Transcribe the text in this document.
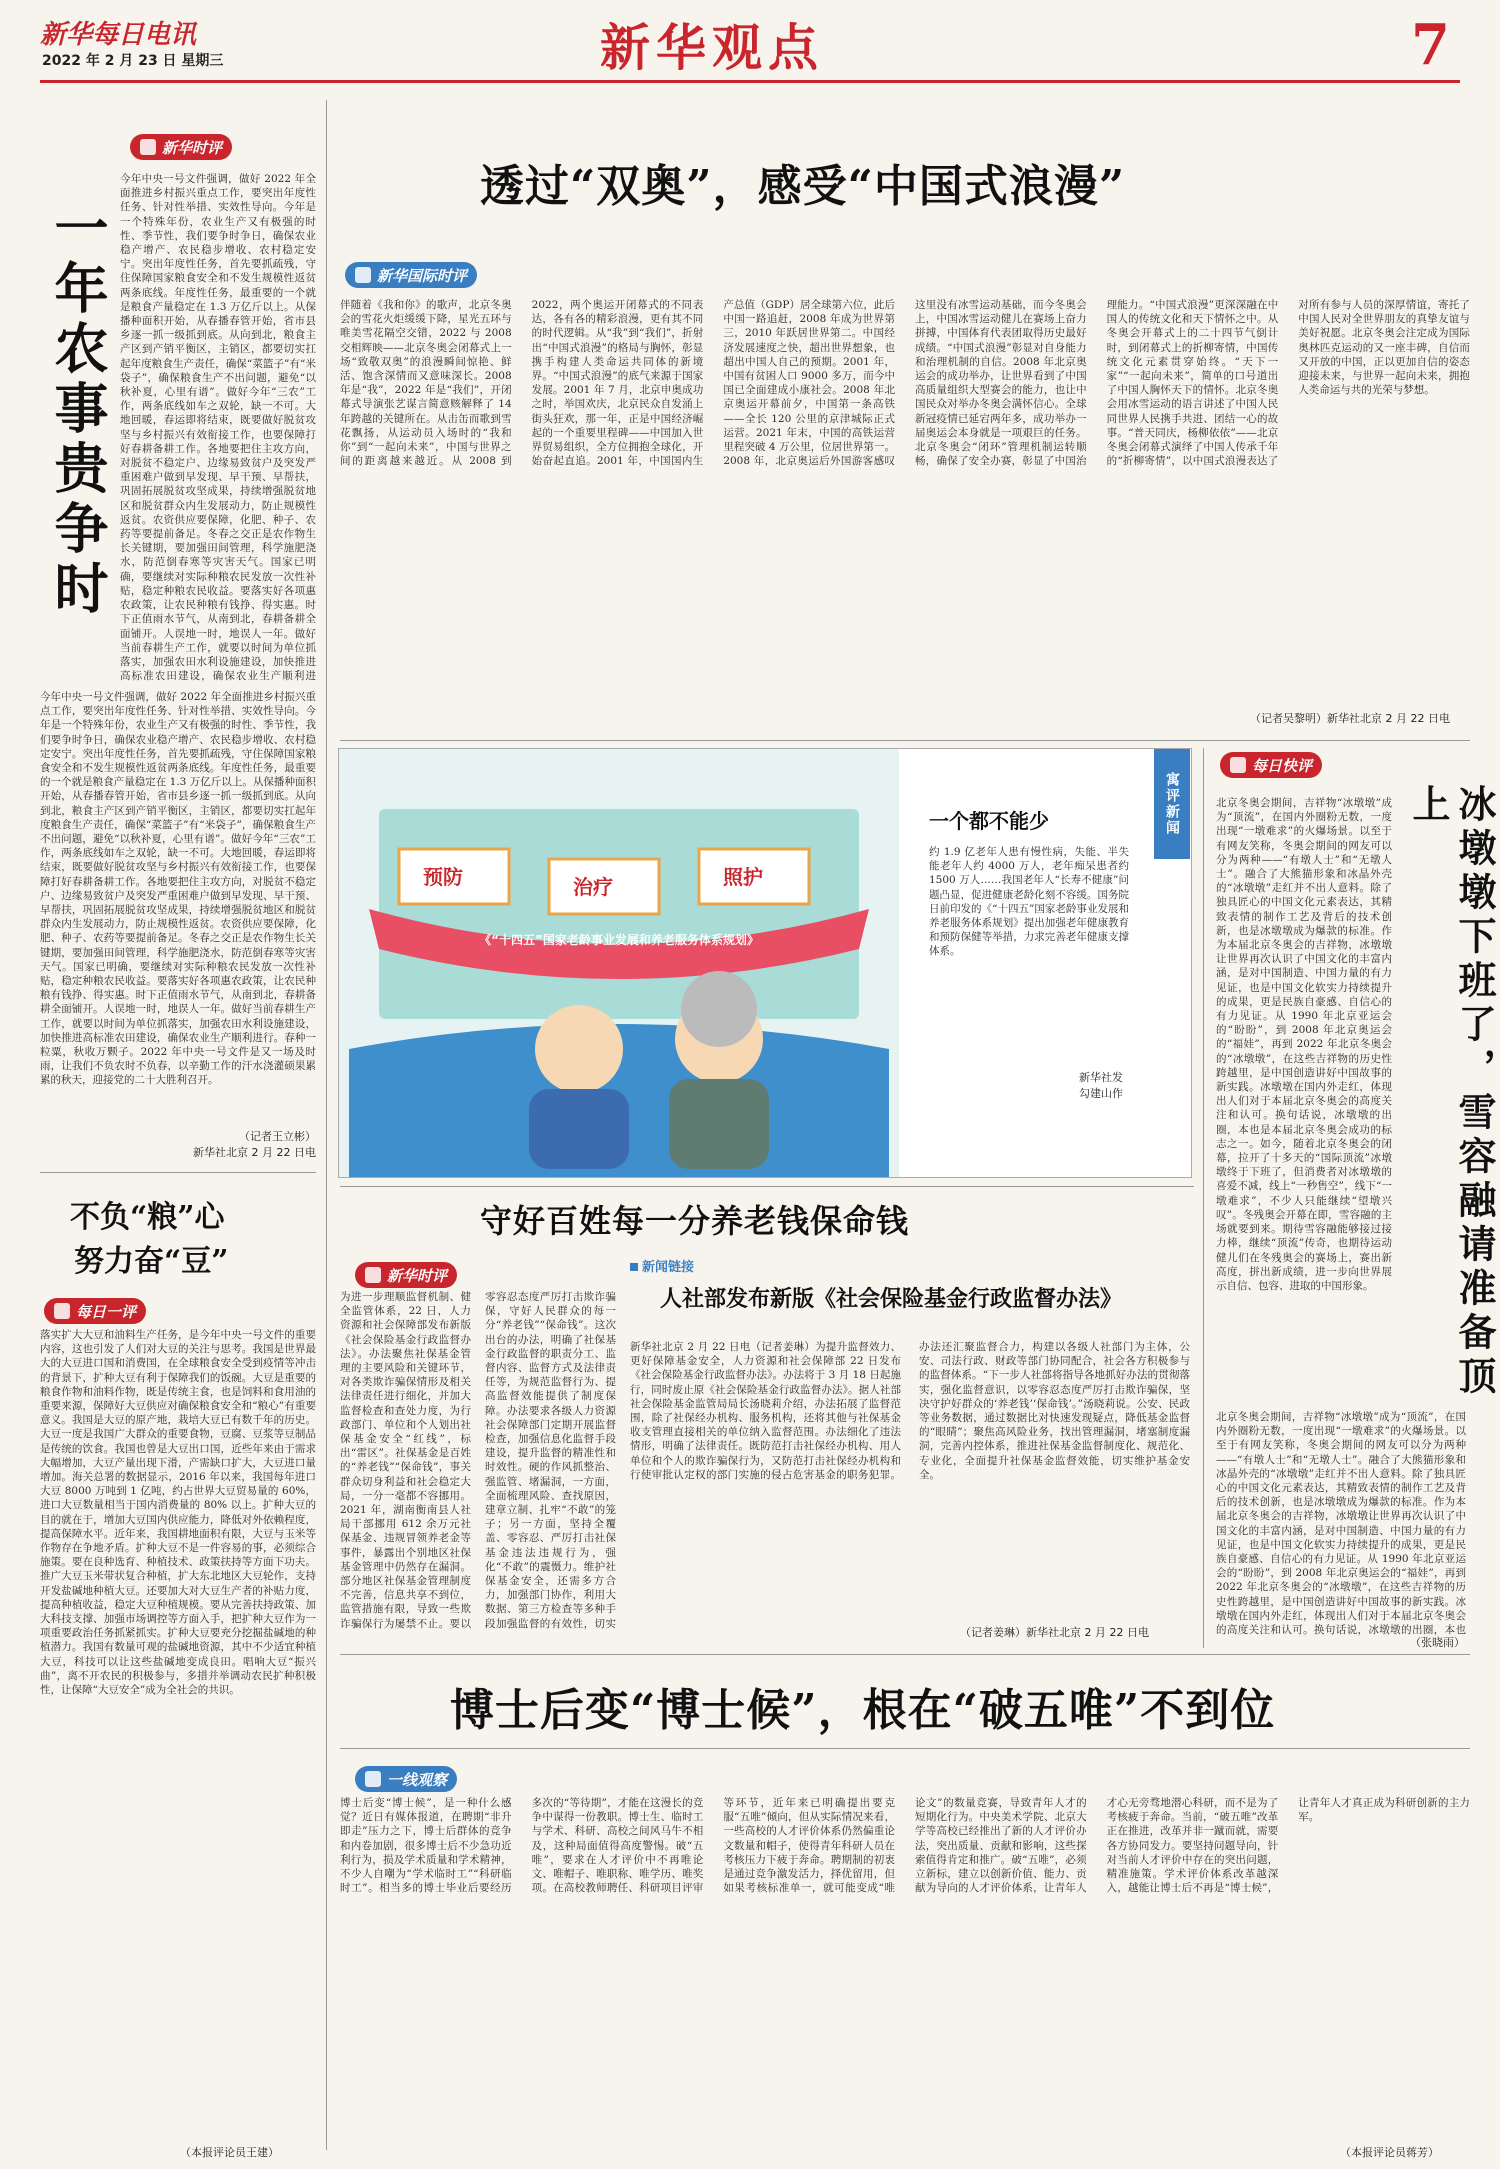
新华每日电讯
2022 年 2 月 23 日 星期三	新华观点	7
新华时评
一年农事贵争时
今年中央一号文件强调，做好 2022 年全面推进乡村振兴重点工作，要突出年度性任务、针对性举措、实效性导向。今年是一个特殊年份，农业生产又有极强的时性、季节性，我们要争时争日，确保农业稳产增产、农民稳步增收、农村稳定安宁。突出年度性任务，首先要抓疏残，守住保障国家粮食安全和不发生规模性返贫两条底线。年度性任务，最重要的一个就是粮食产量稳定在 1.3 万亿斤以上。从保播种面积开始，从春播春管开始，省市县乡逐一抓一级抓到底。从向到北，粮食主产区到产销平衡区，主销区，都要切实扛起年度粮食生产责任，确保“菜篮子”有“米袋子”，确保粮食生产不出问题，避免“以秋补夏，心里有谱”。做好今年“三农”工作，两条底线如车之双轮，缺一不可。大地回暖，春运即将结束，既要做好脱贫攻坚与乡村振兴有效衔接工作，也要保障打好春耕备耕工作。各地要把住主攻方向，对脱贫不稳定户、边缘易致贫户及突发严重困难户做到早发现、早干预、早帮扶，巩固拓展脱贫攻坚成果，持续增强脱贫地区和脱贫群众内生发展动力，防止规模性返贫。农资供应要保障，化肥、种子、农药等要提前备足。冬春之交正是农作物生长关键期，要加强田间管理，科学施肥浇水，防范倒春寒等灾害天气。国家已明确，要继续对实际种粮农民发放一次性补贴，稳定种粮农民收益。要落实好各项惠农政策，让农民种粮有钱挣、得实惠。时下正值雨水节气，从南到北，春耕备耕全面铺开。人误地一时，地误人一年。做好当前春耕生产工作，就要以时间为单位抓落实，加强农田水利设施建设，加快推进高标准农田建设，确保农业生产顺利进
今年中央一号文件强调，做好 2022 年全面推进乡村振兴重点工作，要突出年度性任务、针对性举措、实效性导向。今年是一个特殊年份，农业生产又有极强的时性、季节性，我们要争时争日，确保农业稳产增产、农民稳步增收、农村稳定安宁。突出年度性任务，首先要抓疏残，守住保障国家粮食安全和不发生规模性返贫两条底线。年度性任务，最重要的一个就是粮食产量稳定在 1.3 万亿斤以上。从保播种面积开始，从春播春管开始，省市县乡逐一抓一级抓到底。从向到北，粮食主产区到产销平衡区，主销区，都要切实扛起年度粮食生产责任，确保“菜篮子”有“米袋子”，确保粮食生产不出问题，避免“以秋补夏，心里有谱”。做好今年“三农”工作，两条底线如车之双轮，缺一不可。大地回暖，春运即将结束，既要做好脱贫攻坚与乡村振兴有效衔接工作，也要保障打好春耕备耕工作。各地要把住主攻方向，对脱贫不稳定户、边缘易致贫户及突发严重困难户做到早发现、早干预、早帮扶，巩固拓展脱贫攻坚成果，持续增强脱贫地区和脱贫群众内生发展动力，防止规模性返贫。农资供应要保障，化肥、种子、农药等要提前备足。冬春之交正是农作物生长关键期，要加强田间管理，科学施肥浇水，防范倒春寒等灾害天气。国家已明确，要继续对实际种粮农民发放一次性补贴，稳定种粮农民收益。要落实好各项惠农政策，让农民种粮有钱挣、得实惠。时下正值雨水节气，从南到北，春耕备耕全面铺开。人误地一时，地误人一年。做好当前春耕生产工作，就要以时间为单位抓落实，加强农田水利设施建设，加快推进高标准农田建设，确保农业生产顺利进行。春种一粒粟，秋收万颗子。2022 年中央一号文件是又一场及时雨，让我们不负农时不负春，以辛勤工作的汗水浇灌硕果累累的秋天，迎接党的二十大胜利召开。
（记者王立彬）
新华社北京 2 月 22 日电
不负“粮”心
努力奋“豆”
每日一评
落实扩大大豆和油料生产任务，是今年中央一号文件的重要内容，这也引发了人们对大豆的关注与思考。我国是世界最大的大豆进口国和消费国，在全球粮食安全受到疫情等冲击的背景下，扩种大豆有利于保障我们的饭碗。大豆是重要的粮食作物和油料作物，既是传统主食，也是饲料和食用油的重要来源，保障好大豆供应对确保粮食安全和“粮心”有重要意义。我国是大豆的原产地，栽培大豆已有数千年的历史。大豆一度是我国广大群众的重要食物，豆腐、豆浆等豆制品是传统的饮食。我国也曾是大豆出口国，近些年来由于需求大幅增加，大豆产量出现下滑，产需缺口扩大，大豆进口量增加。海关总署的数据显示，2016 年以来，我国每年进口大豆 8000 万吨到 1 亿吨，约占世界大豆贸易量的 60%，进口大豆数量相当于国内消费量的 80% 以上。扩种大豆的目的就在于，增加大豆国内供应能力，降低对外依赖程度，提高保障水平。近年来，我国耕地面积有限，大豆与玉米等作物存在争地矛盾。扩种大豆不是一件容易的事，必须综合施策。要在良种选育、种植技术、政策扶持等方面下功夫。推广大豆玉米带状复合种植，扩大东北地区大豆轮作，支持开发盐碱地种植大豆。还要加大对大豆生产者的补贴力度，提高种植收益，稳定大豆种植规模。要从完善扶持政策、加大科技支撑、加强市场调控等方面入手，把扩种大豆作为一项重要政治任务抓紧抓实。扩种大豆要充分挖掘盐碱地的种植潜力。我国有数量可观的盐碱地资源，其中不少适宜种植大豆，科技可以让这些盐碱地变成良田。唱响大豆“振兴曲”，离不开农民的积极参与，多措并举调动农民扩种积极性，让保障“大豆安全”成为全社会的共识。
（本报评论员王建）
透过“双奥”，感受“中国式浪漫”
新华国际时评
伴随着《我和你》的歌声，北京冬奥会的雪花火炬缓缓下降，星光五环与唯美雪花隔空交错，2022 与 2008 交相辉映——北京冬奥会闭幕式上一场“致敬双奥”的浪漫瞬间惊艳、鲜活、饱含深情而又意味深长。2008 年是“我”，2022 年是“我们”，开闭幕式导演张艺谋言简意赅解释了 14 年跨越的关键所在。从击缶而歌到雪花飘扬，从运动员入场时的“我和你”到“一起向未来”，中国与世界之间的距离越来越近。从 2008 到 2022，两个奥运开闭幕式的不同表达，各有各的精彩浪漫，更有其不同的时代逻辑。从“我”到“我们”，折射出“中国式浪漫”的格局与胸怀，彰显携手构建人类命运共同体的新境界。“中国式浪漫”的底气来源于国家发展。2001 年 7 月，北京申奥成功之时，举国欢庆，北京民众自发涌上街头狂欢，那一年，正是中国经济崛起的一个重要里程碑——中国加入世界贸易组织，全方位拥抱全球化，开始奋起直追。2001 年，中国国内生产总值（GDP）居全球第六位，此后中国一路追赶，2008 年成为世界第三，2010 年跃居世界第二。中国经济发展速度之快，超出世界想象，也超出中国人自己的预期。2001 年，中国有贫困人口 9000 多万，而今中国已全面建成小康社会。2008 年北京奥运开幕前夕，中国第一条高铁——全长 120 公里的京津城际正式运营。2021 年末，中国的高铁运营里程突破 4 万公里，位居世界第一。2008 年，北京奥运后外国游客感叹这里没有冰雪运动基础，而今冬奥会上，中国冰雪运动健儿在赛场上奋力拼搏，中国体育代表团取得历史最好成绩。“中国式浪漫”彰显对自身能力和治理机制的自信。2008 年北京奥运会的成功举办，让世界看到了中国高质量组织大型赛会的能力，也让中国民众对举办冬奥会满怀信心。全球新冠疫情已延宕两年多，成功举办一届奥运会本身就是一项艰巨的任务。北京冬奥会“闭环”管理机制运转顺畅，确保了安全办赛，彰显了中国治理能力。“中国式浪漫”更深深融在中国人的传统文化和天下情怀之中。从冬奥会开幕式上的二十四节气倒计时，到闭幕式上的折柳寄情，中国传统文化元素贯穿始终。“天下一家”“一起向未来”，简单的口号道出了中国人胸怀天下的情怀。北京冬奥会用冰雪运动的语言讲述了中国人民同世界人民携手共进、团结一心的故事。“普天同庆，杨柳依依”——北京冬奥会闭幕式演绎了中国人传承千年的“折柳寄情”，以中国式浪漫表达了对所有参与人员的深厚情谊，寄托了中国人民对全世界朋友的真挚友谊与美好祝愿。北京冬奥会注定成为国际奥林匹克运动的又一座丰碑，自信而又开放的中国，正以更加自信的姿态迎接未来，与世界一起向未来，拥抱人类命运与共的光荣与梦想。
（记者吴黎明）新华社北京 2 月 22 日电
预防	治疗	照护
《“十四五”国家老龄事业发展和养老服务体系规划》
寓评新闻
一个都不能少
约 1.9 亿老年人患有慢性病，失能、半失能老年人约 4000 万人，老年痴呆患者约 1500 万人……我国老年人“长寿不健康”问题凸显，促进健康老龄化刻不容缓。国务院日前印发的《“十四五”国家老龄事业发展和养老服务体系规划》提出加强老年健康教育和预防保健等举措，力求完善老年健康支撑体系。
新华社发
勾建山作
每日快评
冰墩墩下班了，雪容融请准备顶上
北京冬奥会期间，吉祥物“冰墩墩”成为“顶流”，在国内外圈粉无数，一度出现“一墩难求”的火爆场景。以至于有网友笑称，冬奥会期间的网友可以分为两种——“有墩人士”和“无墩人士”。融合了大熊猫形象和冰晶外壳的“冰墩墩”走红并不出人意料。除了独具匠心的中国文化元素表达，其精致表情的制作工艺及背后的技术创新，也是冰墩墩成为爆款的标准。作为本届北京冬奥会的吉祥物，冰墩墩让世界再次认识了中国文化的丰富内涵，是对中国制造、中国力量的有力见证，也是中国文化软实力持续提升的成果，更是民族自豪感、自信心的有力见证。从 1990 年北京亚运会的“盼盼”，到 2008 年北京奥运会的“福娃”，再到 2022 年北京冬奥会的“冰墩墩”，在这些吉祥物的历史性跨越里，是中国创造讲好中国故事的新实践。冰墩墩在国内外走红，体现出人们对于本届北京冬奥会的高度关注和认可。换句话说，冰墩墩的出圈，本也是本届北京冬奥会成功的标志之一。如今，随着北京冬奥会的闭幕，拉开了十多天的“国际顶流”冰墩墩终于下班了，但消费者对冰墩墩的喜爱不减，线上“一秒售空”，线下“一墩难求”，不少人只能继续“望墩兴叹”。冬残奥会开幕在即，雪容融的主场就要到来。期待雪容融能够接过接力棒，继续“顶流”传奇，也期待运动健儿们在冬残奥会的赛场上，赛出新高度，拼出新成绩，进一步向世界展示自信、包容、进取的中国形象。
北京冬奥会期间，吉祥物“冰墩墩”成为“顶流”，在国内外圈粉无数，一度出现“一墩难求”的火爆场景。以至于有网友笑称，冬奥会期间的网友可以分为两种——“有墩人士”和“无墩人士”。融合了大熊猫形象和冰晶外壳的“冰墩墩”走红并不出人意料。除了独具匠心的中国文化元素表达，其精致表情的制作工艺及背后的技术创新，也是冰墩墩成为爆款的标准。作为本届北京冬奥会的吉祥物，冰墩墩让世界再次认识了中国文化的丰富内涵，是对中国制造、中国力量的有力见证，也是中国文化软实力持续提升的成果，更是民族自豪感、自信心的有力见证。从 1990 年北京亚运会的“盼盼”，到 2008 年北京奥运会的“福娃”，再到 2022 年北京冬奥会的“冰墩墩”，在这些吉祥物的历史性跨越里，是中国创造讲好中国故事的新实践。冰墩墩在国内外走红，体现出人们对于本届北京冬奥会的高度关注和认可。换句话说，冰墩墩的出圈，本也
（张晓雨）
守好百姓每一分养老钱保命钱
新华时评
为进一步理顺监督机制、健全监管体系，22 日，人力资源和社会保障部发布新版《社会保险基金行政监督办法》。办法聚焦社保基金管理的主要风险和关键环节，对各类欺诈骗保情形及相关法律责任进行细化，并加大监督检查和查处力度，为行政部门、单位和个人划出社保基金安全“红线”，标出“雷区”。社保基金是百姓的“养老钱”“保命钱”，事关群众切身利益和社会稳定大局，一分一毫都不容挪用。2021 年，湖南衡南县人社局干部挪用 612 余万元社保基金、违规冒领养老金等事件，暴露出个别地区社保基金管理中仍然存在漏洞。部分地区社保基金管理制度不完善，信息共享不到位，监管措施有限，导致一些欺诈骗保行为屡禁不止。要以零容忍态度严厉打击欺诈骗保，守好人民群众的每一分“养老钱”“保命钱”。这次出台的办法，明确了社保基金行政监督的职责分工、监督内容、监督方式及法律责任等，为规范监督行为、提高监督效能提供了制度保障。办法要求各级人力资源社会保障部门定期开展监督检查，加强信息化监督手段建设，提升监督的精准性和时效性。硬的作风抓整治、强监管、堵漏洞，一方面，全面梳理风险、查找原因，建章立制、扎牢“不敢”的笼子；另一方面，坚持全覆盖、零容忍、严厉打击社保基金违法违规行为，强化“不敢”的震慑力。维护社保基金安全，还需多方合力，加强部门协作，利用大数据、第三方检查等多种手段加强监督的有效性，切实
新闻链接
人社部发布新版《社会保险基金行政监督办法》
新华社北京 2 月 22 日电（记者姜琳）为提升监督效力、更好保障基金安全，人力资源和社会保障部 22 日发布《社会保险基金行政监督办法》。办法将于 3 月 18 日起施行，同时废止原《社会保险基金行政监督办法》。据人社部社会保险基金监管局局长汤晓莉介绍，办法拓展了监督范围，除了社保经办机构、服务机构，还将其他与社保基金收支管理直接相关的单位纳入监督范围。办法细化了违法情形，明确了法律责任。既防范打击社保经办机构、用人单位和个人的欺诈骗保行为，又防范打击社保经办机构和行使审批认定权的部门实施的侵占危害基金的职务犯罪。办法还汇聚监督合力，构建以各级人社部门为主体，公安、司法行政、财政等部门协同配合，社会各方积极参与的监督体系。“下一步人社部将指导各地抓好办法的贯彻落实，强化监督意识，以零容忍态度严厉打击欺诈骗保，坚决守护好群众的‘养老钱’‘保命钱’。”汤晓莉说。公安、民政等业务数据，通过数据比对快速发现疑点，降低基金监督的“眼睛”；聚焦高风险业务，找出管理漏洞，堵塞制度漏洞，完善内控体系，推进社保基金监督制度化、规范化、专业化，全面提升社保基金监督效能，切实维护基金安全。
（记者姜琳）新华社北京 2 月 22 日电
博士后变“博士候”，根在“破五唯”不到位
一线观察
博士后变“博士候”，是一种什么感觉？近日有媒体报道，在聘期“非升即走”压力之下，博士后群体的竞争和内卷加剧，很多博士后不少急功近利行为，损及学术质量和学术精神，不少人自嘲为“学术临时工”“科研临时工”。相当多的博士毕业后要经历多次的“等待期”，才能在这漫长的竞争中谋得一份教职。博士生、临时工与学术、科研、高校之间风马牛不相及，这种局面值得高度警惕。破“五唯”，要求在人才评价中不再唯论文、唯帽子、唯职称、唯学历、唯奖项。在高校教师聘任、科研项目评审等环节，近年来已明确提出要克服“五唯”倾向，但从实际情况来看，一些高校的人才评价体系仍然偏重论文数量和帽子，使得青年科研人员在考核压力下疲于奔命。聘期制的初衷是通过竞争激发活力，择优留用，但如果考核标准单一，就可能变成“唯论文”的数量竞赛，导致青年人才的短期化行为。中央美术学院、北京大学等高校已经推出了新的人才评价办法，突出质量、贡献和影响，这些探索值得肯定和推广。破“五唯”，必须立新标，建立以创新价值、能力、贡献为导向的人才评价体系，让青年人才心无旁骛地潜心科研，而不是为了考核疲于奔命。当前，“破五唯”改革正在推进，改革并非一蹴而就，需要各方协同发力。要坚持问题导向，针对当前人才评价中存在的突出问题，精准施策。学术评价体系改革越深入，越能让博士后不再是“博士候”，让青年人才真正成为科研创新的主力军。
（本报评论员蒋芳）
